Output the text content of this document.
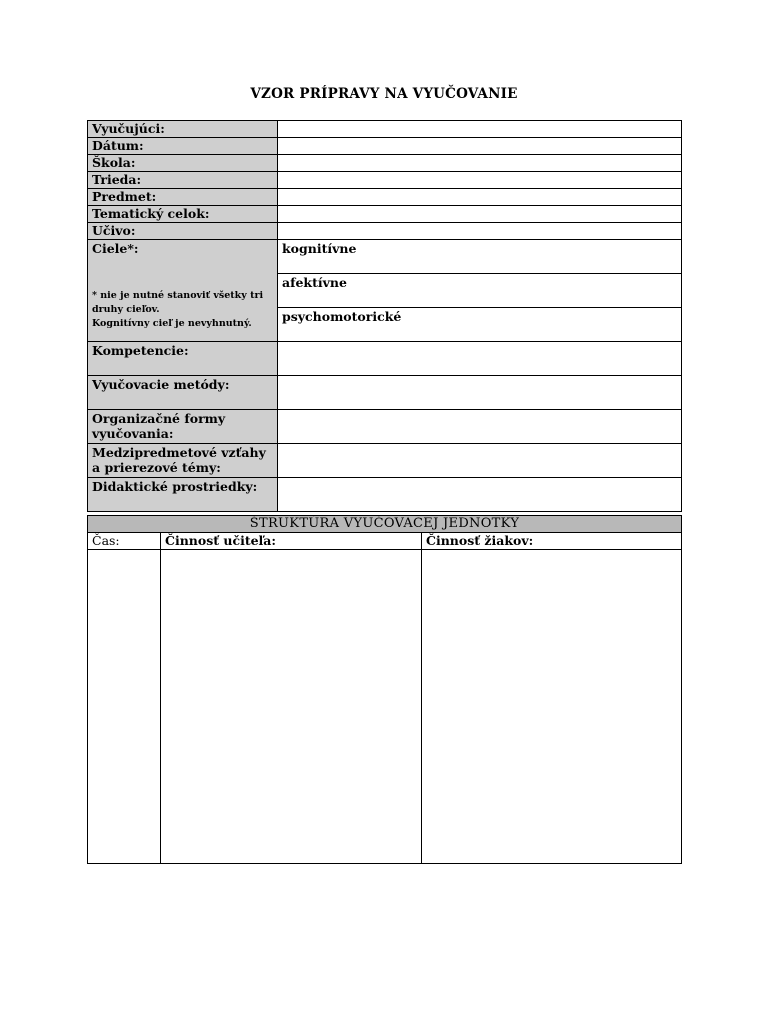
VZOR PRÍPRAVY NA VYUČOVANIE
Vyučujúci:	
Dátum:	
Škola:	
Trieda:	
Predmet:	
Tematický celok:	
Učivo:	

Ciele*:
* nie je nutné stanoviť všetky tri
druhy cieľov.
Kognitívny cieľ je nevyhnutný.	kognitívne

	afektívne

	psychomotorické

Kompetencie:	

Vyučovacie metódy:	

Organizačné formy
vyučovania:	

Medzipredmetové vzťahy
a prierezové témy:	

Didaktické prostriedky:	

ŠTRUKTÚRA VYUČOVACEJ JEDNOTKY		
Čas:	Činnosť učiteľa:	Činnosť žiakov:
